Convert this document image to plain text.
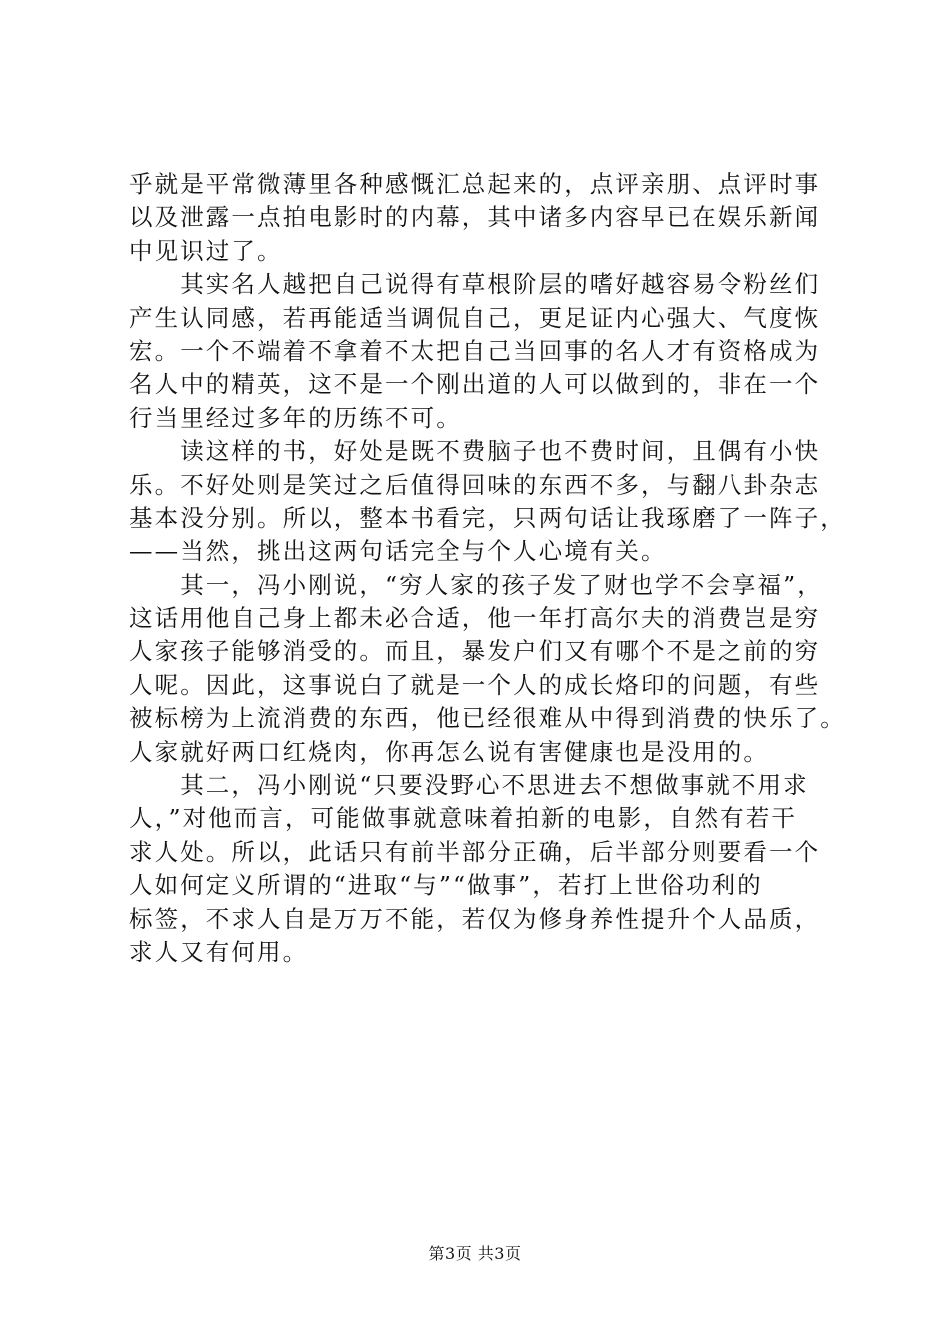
乎就是平常微薄里各种感慨汇总起来的，点评亲朋、点评时事
以及泄露一点拍电影时的内幕，其中诸多内容早已在娱乐新闻
中见识过了。
　　其实名人越把自己说得有草根阶层的嗜好越容易令粉丝们
产生认同感，若再能适当调侃自己，更足证内心强大、气度恢
宏。一个不端着不拿着不太把自己当回事的名人才有资格成为
名人中的精英，这不是一个刚出道的人可以做到的，非在一个
行当里经过多年的历练不可。
　　读这样的书，好处是既不费脑子也不费时间，且偶有小快
乐。不好处则是笑过之后值得回味的东西不多，与翻八卦杂志
基本没分别。所以，整本书看完，只两句话让我琢磨了一阵子，
——当然，挑出这两句话完全与个人心境有关。
　　其一，冯小刚说，“穷人家的孩子发了财也学不会享福”，
这话用他自己身上都未必合适，他一年打高尔夫的消费岂是穷
人家孩子能够消受的。而且，暴发户们又有哪个不是之前的穷
人呢。因此，这事说白了就是一个人的成长烙印的问题，有些
被标榜为上流消费的东西，他已经很难从中得到消费的快乐了。
人家就好两口红烧肉，你再怎么说有害健康也是没用的。
　　其二，冯小刚说“只要没野心不思进去不想做事就不用求
人，”对他而言，可能做事就意味着拍新的电影，自然有若干
求人处。所以，此话只有前半部分正确，后半部分则要看一个
人如何定义所谓的“进取“与”“做事”，若打上世俗功利的
标签，不求人自是万万不能，若仅为修身养性提升个人品质，
求人又有何用。
第3页 共3页
